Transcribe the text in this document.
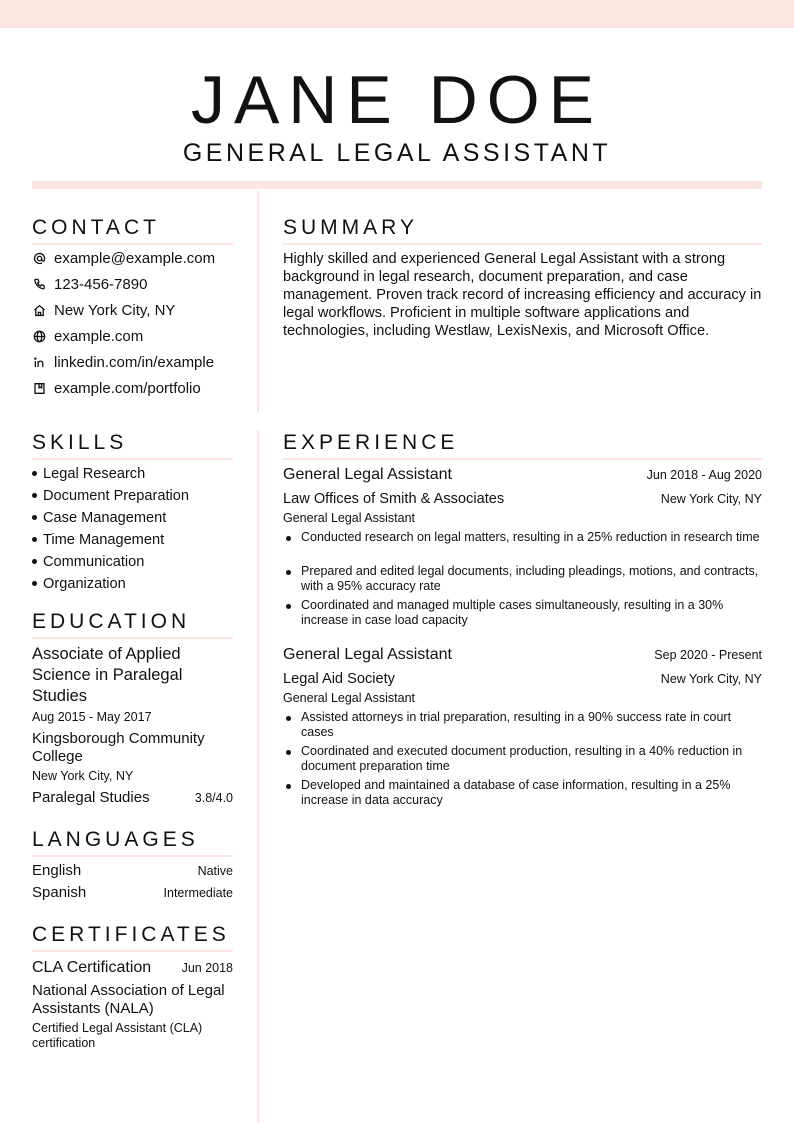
JANE DOE
GENERAL LEGAL ASSISTANT
CONTACT
example@example.com
123-456-7890
New York City, NY
example.com
linkedin.com/in/example
example.com/portfolio
SKILLS
Legal Research
Document Preparation
Case Management
Time Management
Communication
Organization
EDUCATION
Associate of Applied Science in Paralegal Studies
Aug 2015 - May 2017
Kingsborough Community College
New York City, NY
Paralegal Studies	3.8/4.0
LANGUAGES
English	Native
Spanish	Intermediate
CERTIFICATES
CLA Certification Jun 2018
National Association of Legal Assistants (NALA)
Certified Legal Assistant (CLA) certification
SUMMARY
Highly skilled and experienced General Legal Assistant with a strong background in legal research, document preparation, and case management. Proven track record of increasing efficiency and accuracy in legal workflows. Proficient in multiple software applications and technologies, including Westlaw, LexisNexis, and Microsoft Office.
EXPERIENCE
General Legal Assistant	Jun 2018 - Aug 2020
Law Offices of Smith & Associates	New York City, NY
General Legal Assistant
Conducted research on legal matters, resulting in a 25% reduction in research time
Prepared and edited legal documents, including pleadings, motions, and contracts, with a 95% accuracy rate
Coordinated and managed multiple cases simultaneously, resulting in a 30% increase in case load capacity
General Legal Assistant	Sep 2020 - Present
Legal Aid Society	New York City, NY
General Legal Assistant
Assisted attorneys in trial preparation, resulting in a 90% success rate in court cases
Coordinated and executed document production, resulting in a 40% reduction in document preparation time
Developed and maintained a database of case information, resulting in a 25% increase in data accuracy
